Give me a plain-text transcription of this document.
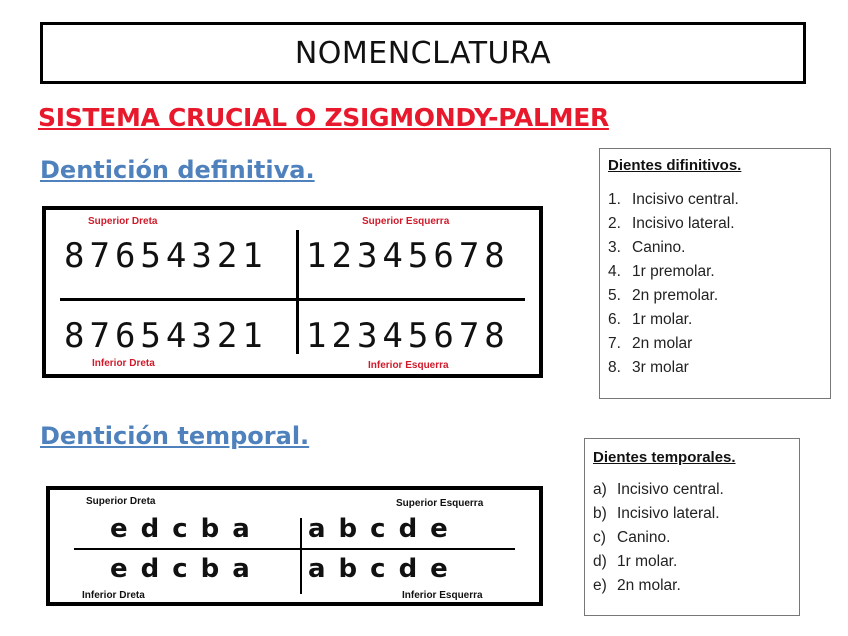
NOMENCLATURA
SISTEMA CRUCIAL O ZSIGMONDY-PALMER
Dentición definitiva.
Superior Dreta	Superior Esquerra
87654321 12345678
87654321 12345678
Inferior Dreta	Inferior Esquerra
Dientes difinitivos.
1. Incisivo central.
2. Incisivo lateral.
3. Canino.
4. 1r premolar.
5. 2n premolar.
6. 1r molar.
7. 2n molar
8. 3r molar
Dentición temporal.
Superior Dreta	Superior Esquerra
edcba abcde
edcba abcde
Inferior Dreta	Inferior Esquerra
Dientes temporales.
a) Incisivo central.
b) Incisivo lateral.
c) Canino.
d) 1r molar.
e) 2n molar.
